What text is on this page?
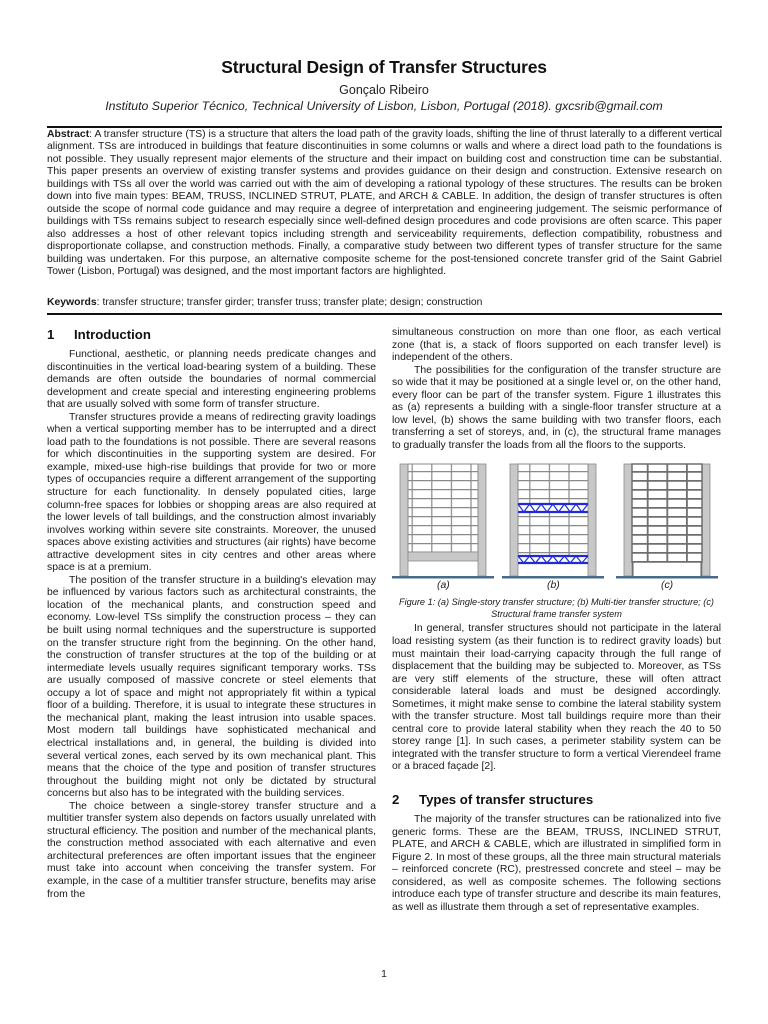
Structural Design of Transfer Structures
Gonçalo Ribeiro
Instituto Superior Técnico, Technical University of Lisbon, Lisbon, Portugal (2018). gxcsrib@gmail.com
Abstract: A transfer structure (TS) is a structure that alters the load path of the gravity loads, shifting the line of thrust laterally to a different vertical alignment. TSs are introduced in buildings that feature discontinuities in some columns or walls and where a direct load path to the foundations is not possible. They usually represent major elements of the structure and their impact on building cost and construction time can be substantial. This paper presents an overview of existing transfer systems and provides guidance on their design and construction. Extensive research on buildings with TSs all over the world was carried out with the aim of developing a rational typology of these structures. The results can be broken down into five main types: BEAM, TRUSS, INCLINED STRUT, PLATE, and ARCH & CABLE. In addition, the design of transfer structures is often outside the scope of normal code guidance and may require a degree of interpretation and engineering judgement. The seismic performance of buildings with TSs remains subject to research especially since well-defined design procedures and code provisions are often scarce. This paper also addresses a host of other relevant topics including strength and serviceability requirements, deflection compatibility, robustness and disproportionate collapse, and construction methods. Finally, a comparative study between two different types of transfer structure for the same building was undertaken. For this purpose, an alternative composite scheme for the post-tensioned concrete transfer grid of the Saint Gabriel Tower (Lisbon, Portugal) was designed, and the most important factors are highlighted.
Keywords: transfer structure; transfer girder; transfer truss; transfer plate; design; construction
1	Introduction

Functional, aesthetic, or planning needs predicate changes and discontinuities in the vertical load-bearing system of a building. These demands are often outside the boundaries of normal commercial development and create special and interesting engineering problems that are usually solved with some form of transfer structure.

Transfer structures provide a means of redirecting gravity loadings when a vertical supporting member has to be interrupted and a direct load path to the foundations is not possible. There are several reasons for which discontinuities in the supporting system are desired. For example, mixed-use high-rise buildings that provide for two or more types of occupancies require a different arrangement of the supporting structure for each functionality. In densely populated cities, large column-free spaces for lobbies or shopping areas are also required at the lower levels of tall buildings, and the construction almost invariably involves working within severe site constraints. Moreover, the unused spaces above existing activities and structures (air rights) have become attractive development sites in city centres and other areas where space is at a premium.

The position of the transfer structure in a building's elevation may be influenced by various factors such as architectural constraints, the location of the mechanical plants, and construction speed and economy. Low-level TSs simplify the construction process – they can be built using normal techniques and the superstructure is supported on the transfer structure right from the beginning. On the other hand, the construction of transfer structures at the top of the building or at intermediate levels usually requires significant temporary works. TSs are usually composed of massive concrete or steel elements that occupy a lot of space and might not appropriately fit within a typical floor of a building. Therefore, it is usual to integrate these structures in the mechanical plant, making the least intrusion into usable spaces. Most modern tall buildings have sophisticated mechanical and electrical installations and, in general, the building is divided into several vertical zones, each served by its own mechanical plant. This means that the choice of the type and position of transfer structures throughout the building might not only be dictated by structural concerns but also has to be integrated with the building services.

The choice between a single-storey transfer structure and a multitier transfer system also depends on factors usually unrelated with structural efficiency. The position and number of the mechanical plants, the construction method associated with each alternative and even architectural preferences are often important issues that the engineer must take into account when conceiving the transfer system. For example, in the case of a multitier transfer structure, benefits may arise from the

simultaneous construction on more than one floor, as each vertical zone (that is, a stack of floors supported on each transfer level) is independent of the others.

The possibilities for the configuration of the transfer structure are so wide that it may be positioned at a single level or, on the other hand, every floor can be part of the transfer system. Figure 1 illustrates this as (a) represents a building with a single-floor transfer structure at a low level, (b) shows the same building with two transfer floors, each transferring a set of storeys, and, in (c), the structural frame manages to gradually transfer the loads from all the floors to the supports.

(a)	(b)	(c)
Figure 1: (a) Single-story transfer structure; (b) Multi-tier transfer structure; (c) Structural frame transfer system

In general, transfer structures should not participate in the lateral load resisting system (as their function is to redirect gravity loads) but must maintain their load-carrying capacity through the full range of displacement that the building may be subjected to. Moreover, as TSs are very stiff elements of the structure, these will often attract considerable lateral loads and must be designed accordingly. Sometimes, it might make sense to combine the lateral stability system with the transfer structure. Most tall buildings require more than their central core to provide lateral stability when they reach the 40 to 50 storey range [1]. In such cases, a perimeter stability system can be integrated with the transfer structure to form a vertical Vierendeel frame or a braced façade [2].

2	Types of transfer structures

The majority of the transfer structures can be rationalized into five generic forms. These are the BEAM, TRUSS, INCLINED STRUT, PLATE, and ARCH & CABLE, which are illustrated in simplified form in Figure 2. In most of these groups, all the three main structural materials – reinforced concrete (RC), prestressed concrete and steel – may be considered, as well as composite schemes. The following sections introduce each type of transfer structure and describe its main features, as well as illustrate them through a set of representative examples.

1
